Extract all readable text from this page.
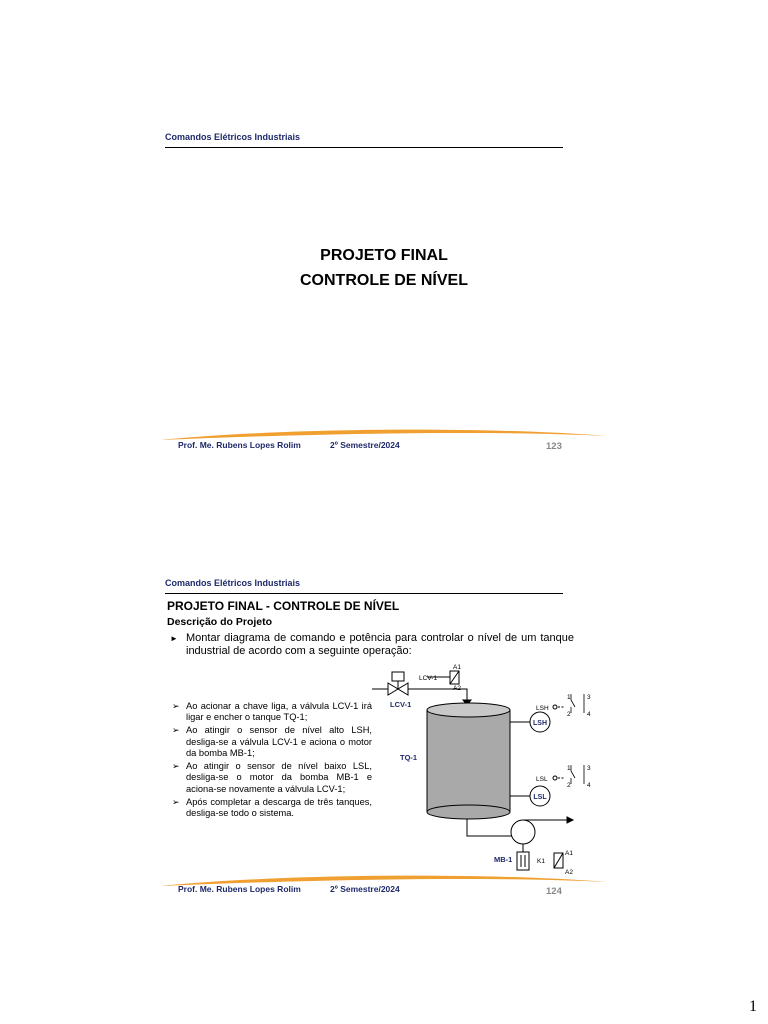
Comandos Elétricos Industriais
PROJETO FINAL
CONTROLE DE NÍVEL
Prof. Me. Rubens Lopes Rolim	2º Semestre/2024	123
Comandos Elétricos Industriais
PROJETO FINAL - CONTROLE DE NÍVEL
Descrição do Projeto
► Montar diagrama de comando e potência para controlar o nível de um tanque industrial de acordo com a seguinte operação:
➢ Ao acionar a chave liga, a válvula LCV-1 irá ligar e encher o tanque TQ-1;
➢ Ao atingir o sensor de nível alto LSH, desliga-se a válvula LCV-1 e aciona o motor da bomba MB-1;
➢ Ao atingir o sensor de nível baixo LSL, desliga-se o motor da bomba MB-1 e aciona-se novamente a válvula LCV-1;
➢ Após completar a descarga de três tanques, desliga-se todo o sistema.
LCV-1
A1
A2
LCV-1
TQ-1
LSH
LSH
LSL
LSL
1
2
3
4
1
2
3
4
MB-1	K1
A1
A2
Prof. Me. Rubens Lopes Rolim	2º Semestre/2024	124
1
